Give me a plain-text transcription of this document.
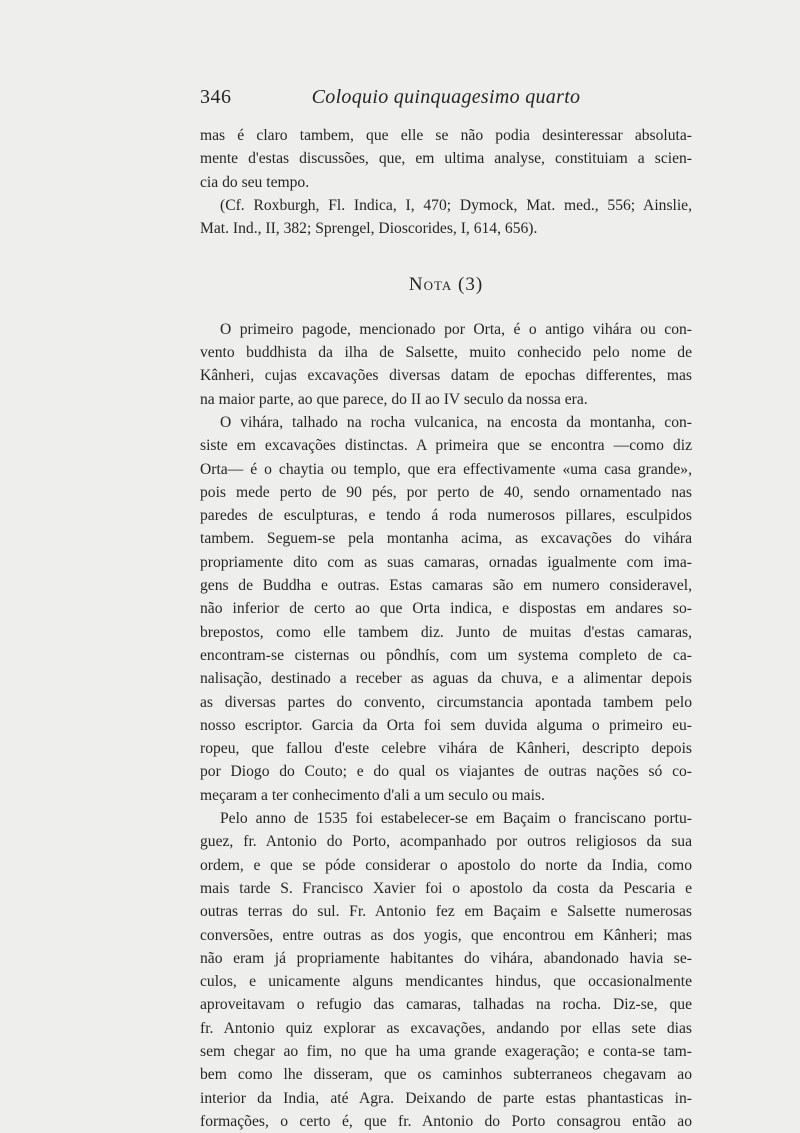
346	Coloquio quinquagesimo quarto

mas é claro tambem, que elle se não podia desinteressar absoluta-
mente d'estas discussões, que, em ultima analyse, constituiam a scien-
cia do seu tempo.

(Cf. Roxburgh, Fl. Indica, I, 470; Dymock, Mat. med., 556; Ainslie,
Mat. Ind., II, 382; Sprengel, Dioscorides, I, 614, 656).

Nota (3)

O primeiro pagode, mencionado por Orta, é o antigo vihára ou con-
vento buddhista da ilha de Salsette, muito conhecido pelo nome de
Kânheri, cujas excavações diversas datam de epochas differentes, mas
na maior parte, ao que parece, do II ao IV seculo da nossa era.

O vihára, talhado na rocha vulcanica, na encosta da montanha, con-
siste em excavações distinctas. A primeira que se encontra —como diz
Orta— é o chaytia ou templo, que era effectivamente «uma casa grande»,
pois mede perto de 90 pés, por perto de 40, sendo ornamentado nas
paredes de esculpturas, e tendo á roda numerosos pillares, esculpidos
tambem. Seguem-se pela montanha acima, as excavações do vihára
propriamente dito com as suas camaras, ornadas igualmente com ima-
gens de Buddha e outras. Estas camaras são em numero consideravel,
não inferior de certo ao que Orta indica, e dispostas em andares so-
brepostos, como elle tambem diz. Junto de muitas d'estas camaras,
encontram-se cisternas ou pôndhís, com um systema completo de ca-
nalisação, destinado a receber as aguas da chuva, e a alimentar depois
as diversas partes do convento, circumstancia apontada tambem pelo
nosso escriptor. Garcia da Orta foi sem duvida alguma o primeiro eu-
ropeu, que fallou d'este celebre vihára de Kânheri, descripto depois
por Diogo do Couto; e do qual os viajantes de outras nações só co-
meçaram a ter conhecimento d'ali a um seculo ou mais.

Pelo anno de 1535 foi estabelecer-se em Baçaim o franciscano portu-
guez, fr. Antonio do Porto, acompanhado por outros religiosos da sua
ordem, e que se póde considerar o apostolo do norte da India, como
mais tarde S. Francisco Xavier foi o apostolo da costa da Pescaria e
outras terras do sul. Fr. Antonio fez em Baçaim e Salsette numerosas
conversões, entre outras as dos yogis, que encontrou em Kânheri; mas
não eram já propriamente habitantes do vihára, abandonado havia se-
culos, e unicamente alguns mendicantes hindus, que occasionalmente
aproveitavam o refugio das camaras, talhadas na rocha. Diz-se, que
fr. Antonio quiz explorar as excavações, andando por ellas sete dias
sem chegar ao fim, no que ha uma grande exageração; e conta-se tam-
bem como lhe disseram, que os caminhos subterraneos chegavam ao
interior da India, até Agra. Deixando de parte estas phantasticas in-
formações, o certo é, que fr. Antonio do Porto consagrou então ao
